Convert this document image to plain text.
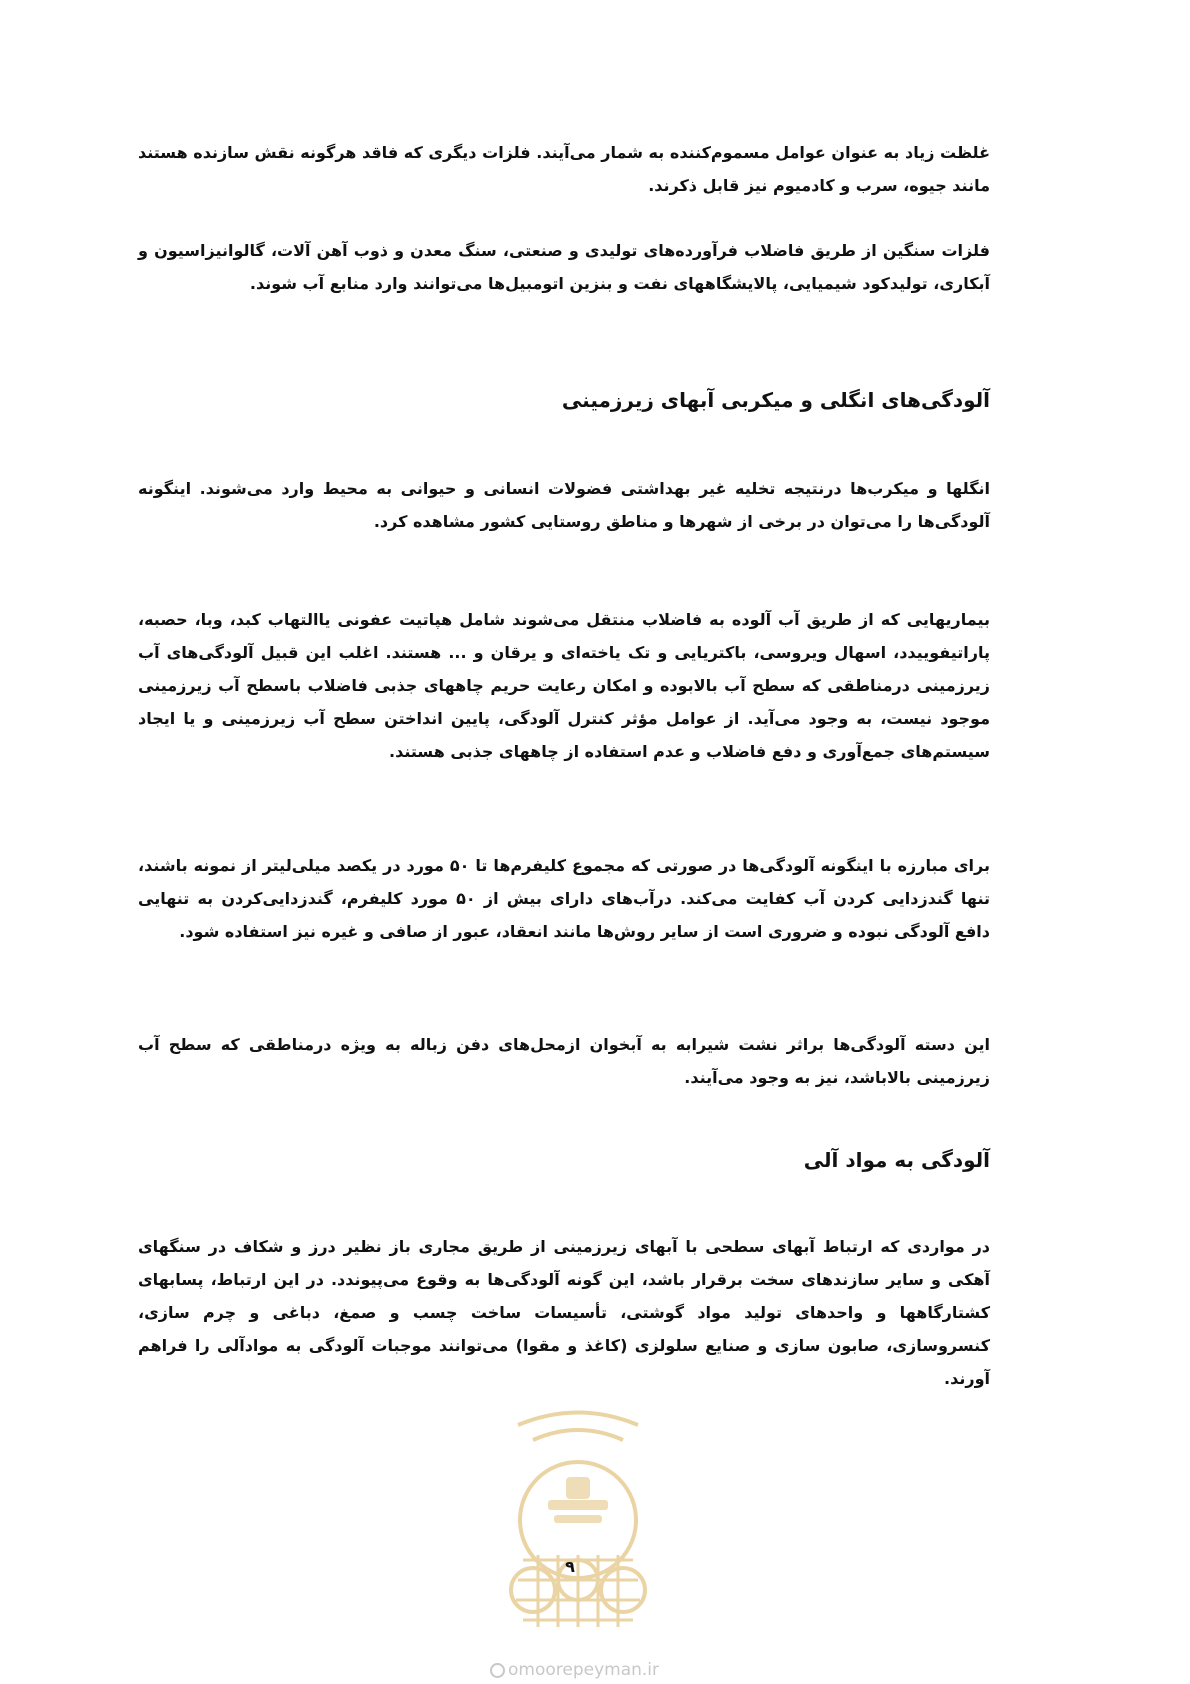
غلظت زیاد به عنوان عوامل مسموم‌کننده به شمار می‌آیند. فلزات دیگری که فاقد هرگونه نقش سازنده هستند مانند جیوه، سرب و کادمیوم نیز قابل ذکرند.

فلزات سنگین از طریق فاضلاب فرآورده‌های تولیدی و صنعتی، سنگ معدن و ذوب آهن آلات، گالوانیزاسیون و آبکاری، تولیدکود شیمیایی، پالایشگاههای نفت و بنزین اتومبیل‌ها می‌توانند وارد منابع آب شوند.

آلودگی‌های انگلی و میکربی آبهای زیرزمینی

انگلها و میکرب‌ها درنتیجه تخلیه غیر بهداشتی فضولات انسانی و حیوانی به محیط وارد می‌شوند. اینگونه آلودگی‌ها را می‌توان در برخی از شهرها و مناطق روستایی کشور مشاهده کرد.

بیماریهایی که از طریق آب آلوده به فاضلاب منتقل می‌شوند شامل هپاتیت عفونی یاالتهاب کبد، وبا، حصبه، پاراتیفوییدد، اسهال ویروسی، باکتریایی و تک یاخته‌ای و یرقان و ... هستند. اغلب این قبیل آلودگی‌های آب زیرزمینی درمناطقی که سطح آب بالابوده و امکان رعایت حریم چاههای جذبی فاضلاب باسطح آب زیرزمینی موجود نیست، به وجود می‌آید. از عوامل مؤثر کنترل آلودگی، پایین انداختن سطح آب زیرزمینی و یا ایجاد سیستم‌های جمع‌آوری و دفع فاضلاب و عدم استفاده از چاههای جذبی هستند.

برای مبارزه با اینگونه آلودگی‌ها در صورتی که مجموع کلیفرم‌ها تا ۵۰ مورد در یکصد میلی‌لیتر از نمونه باشند، تنها گندزدایی کردن آب کفایت می‌کند. درآب‌های دارای بیش از ۵۰ مورد کلیفرم، گندزدایی‌کردن به تنهایی دافع آلودگی نبوده و ضروری است از سایر روش‌ها مانند انعقاد، عبور از صافی و غیره نیز استفاده شود.

این دسته آلودگی‌ها براثر نشت شیرابه به آبخوان ازمحل‌های دفن زباله به ویژه درمناطقی که سطح آب زیرزمینی بالاباشد، نیز به وجود می‌آیند.

آلودگی به مواد آلی

در مواردی که ارتباط آبهای سطحی با آبهای زیرزمینی از طریق مجاری باز نظیر درز و شکاف در سنگهای آهکی و سایر سازندهای سخت برقرار باشد، این گونه آلودگی‌ها به وقوع می‌پیوندد. در این ارتباط، پسابهای کشتارگاهها و واحدهای تولید مواد گوشتی، تأسیسات ساخت چسب و صمغ، دباغی و چرم سازی، کنسروسازی، صابون سازی و صنایع سلولزی (کاغذ و مقوا) می‌توانند موجبات آلودگی به موادآلی را فراهم آورند.

۹
omoorepeyman.ir
